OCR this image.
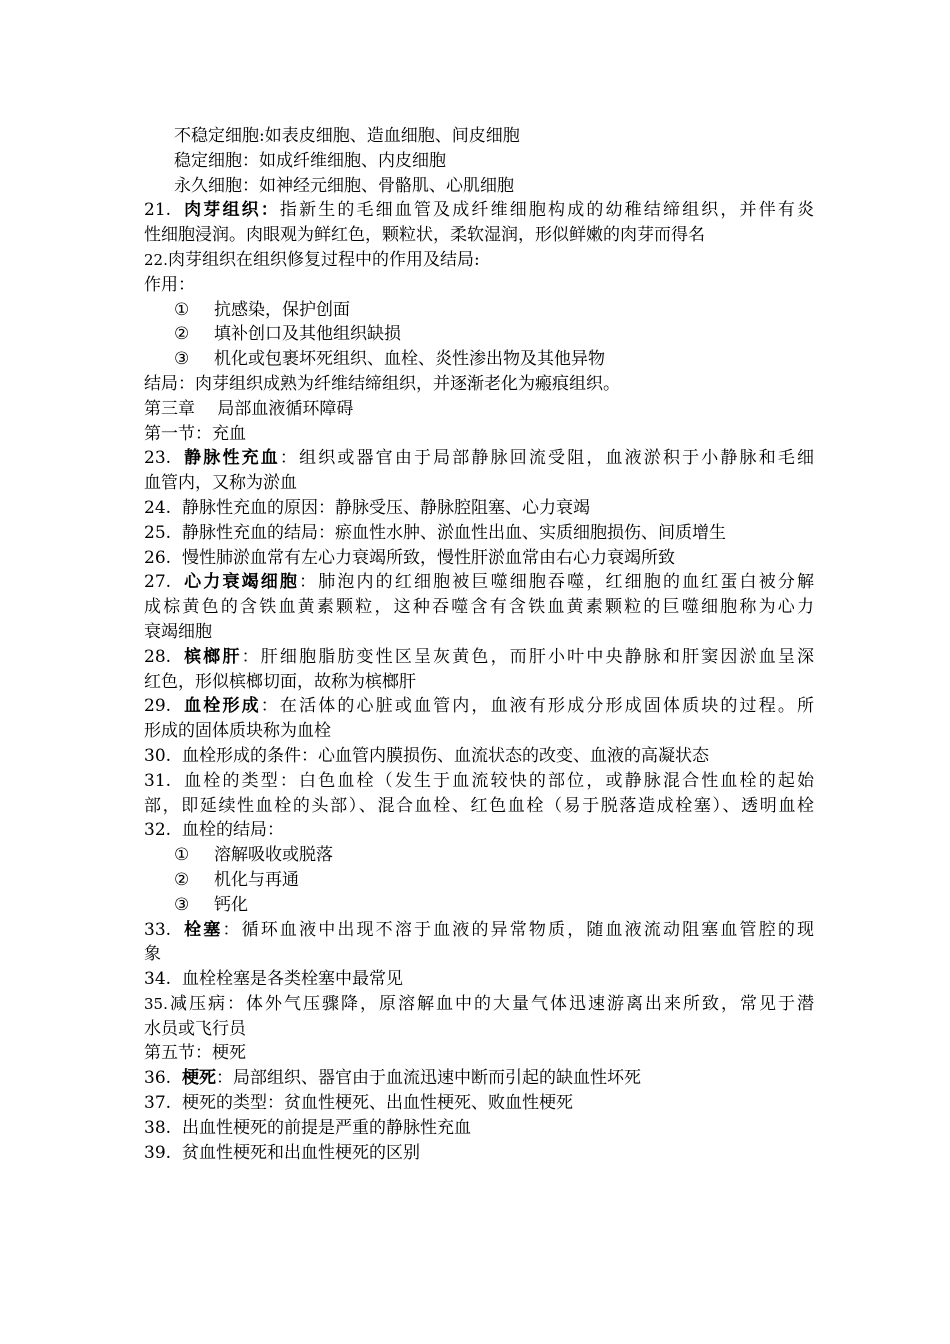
不稳定细胞:如表皮细胞、造血细胞、间皮细胞
稳定细胞：如成纤维细胞、内皮细胞
永久细胞：如神经元细胞、骨骼肌、心肌细胞
21. 肉芽组织：指新生的毛细血管及成纤维细胞构成的幼稚结缔组织，并伴有炎
性细胞浸润。肉眼观为鲜红色，颗粒状，柔软湿润，形似鲜嫩的肉芽而得名
22.肉芽组织在组织修复过程中的作用及结局:
作用：
① 抗感染，保护创面
② 填补创口及其他组织缺损
③ 机化或包裹坏死组织、血栓、炎性渗出物及其他异物
结局：肉芽组织成熟为纤维结缔组织，并逐渐老化为瘢痕组织。
第三章　 局部血液循环障碍
第一节：充血
23. 静脉性充血：组织或器官由于局部静脉回流受阻，血液淤积于小静脉和毛细
血管内，又称为淤血
24. 静脉性充血的原因：静脉受压、静脉腔阻塞、心力衰竭
25. 静脉性充血的结局：瘀血性水肿、淤血性出血、实质细胞损伤、间质增生
26. 慢性肺淤血常有左心力衰竭所致，慢性肝淤血常由右心力衰竭所致
27. 心力衰竭细胞：肺泡内的红细胞被巨噬细胞吞噬，红细胞的血红蛋白被分解
成棕黄色的含铁血黄素颗粒，这种吞噬含有含铁血黄素颗粒的巨噬细胞称为心力
衰竭细胞
28. 槟榔肝：肝细胞脂肪变性区呈灰黄色，而肝小叶中央静脉和肝窦因淤血呈深
红色，形似槟榔切面，故称为槟榔肝
29. 血栓形成：在活体的心脏或血管内，血液有形成分形成固体质块的过程。所
形成的固体质块称为血栓
30. 血栓形成的条件：心血管内膜损伤、血流状态的改变、血液的高凝状态
31. 血栓的类型：白色血栓（发生于血流较快的部位，或静脉混合性血栓的起始
部，即延续性血栓的头部）、混合血栓、红色血栓（易于脱落造成栓塞）、透明血栓
32. 血栓的结局：
① 溶解吸收或脱落
② 机化与再通
③ 钙化
33. 栓塞：循环血液中出现不溶于血液的异常物质，随血液流动阻塞血管腔的现
象
34. 血栓栓塞是各类栓塞中最常见
35.减压病：体外气压骤降，原溶解血中的大量气体迅速游离出来所致，常见于潜
水员或飞行员
第五节：梗死
36. 梗死：局部组织、器官由于血流迅速中断而引起的缺血性坏死
37. 梗死的类型：贫血性梗死、出血性梗死、败血性梗死
38. 出血性梗死的前提是严重的静脉性充血
39. 贫血性梗死和出血性梗死的区别
